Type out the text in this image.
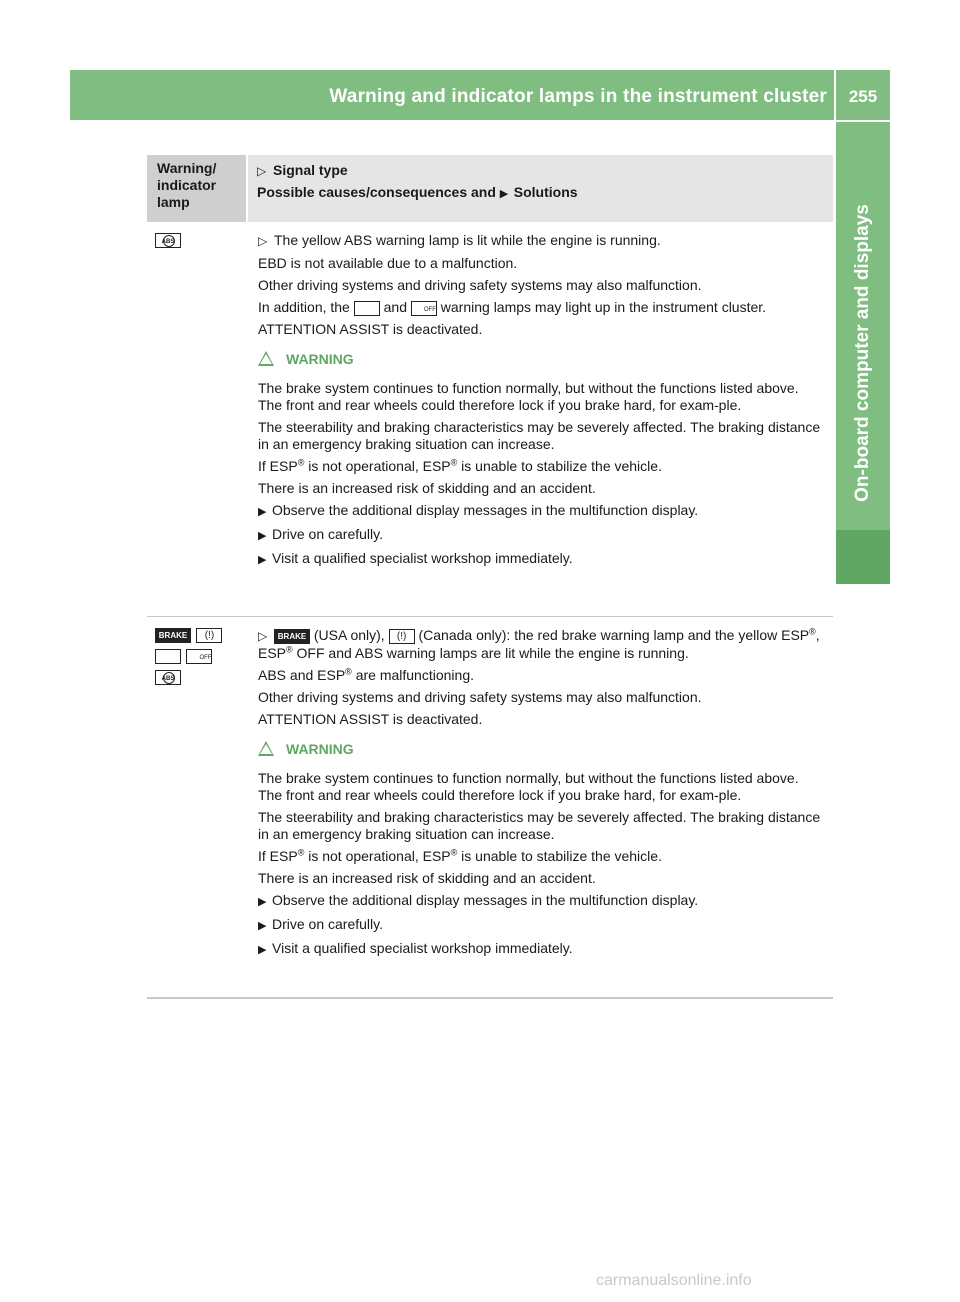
Warning and indicator lamps in the instrument cluster	255
On-board computer and displays
Warning/ indicator lamp
▷ Signal type
Possible causes/consequences and ▶ Solutions
ABS

▷ The yellow ABS warning lamp is lit while the engine is running.

EBD is not available due to a malfunction.

Other driving systems and driving safety systems may also malfunction.

In addition, the and OFF warning lamps may light up in the instrument cluster.

ATTENTION ASSIST is deactivated.

WARNING

The brake system continues to function normally, but without the functions listed above. The front and rear wheels could therefore lock if you brake hard, for exam-ple.

The steerability and braking characteristics may be severely affected. The braking distance in an emergency braking situation can increase.

If ESP® is not operational, ESP® is unable to stabilize the vehicle.

There is an increased risk of skidding and an accident.

▶ Observe the additional display messages in the multifunction display.

▶ Drive on carefully.

▶ Visit a qualified specialist workshop immediately.

BRAKE (!)
OFF
ABS	▷ BRAKE (USA only), (!) (Canada only): the red brake warning lamp and the yellow ESP®, ESP® OFF and ABS warning lamps are lit while the engine is running.

ABS and ESP® are malfunctioning.

Other driving systems and driving safety systems may also malfunction.

ATTENTION ASSIST is deactivated.

WARNING

The brake system continues to function normally, but without the functions listed above. The front and rear wheels could therefore lock if you brake hard, for exam-ple.

The steerability and braking characteristics may be severely affected. The braking distance in an emergency braking situation can increase.

If ESP® is not operational, ESP® is unable to stabilize the vehicle.

There is an increased risk of skidding and an accident.

▶ Observe the additional display messages in the multifunction display.

▶ Drive on carefully.

▶ Visit a qualified specialist workshop immediately.

carmanualsonline.info
